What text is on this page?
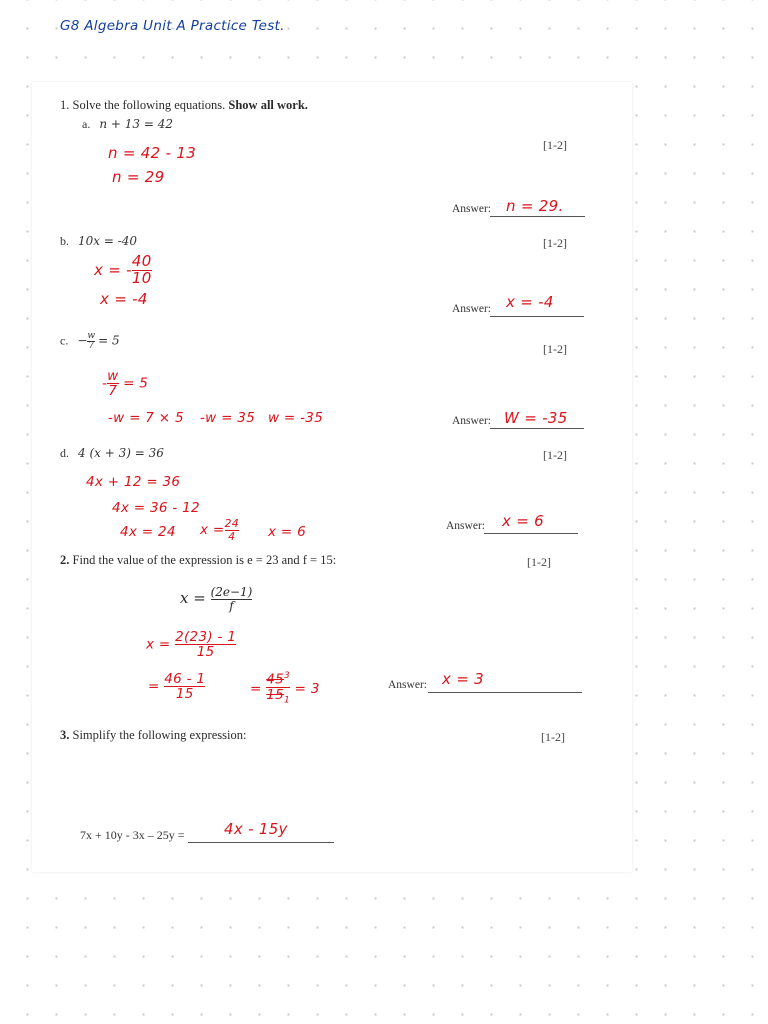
G8 Algebra Unit A Practice Test.
1. Solve the following equations. Show all work.
a. n + 13 = 42
[1-2]
n = 42 - 13
n = 29
Answer: n = 29.
b. 10x = -40	[1-2]
x = - $\frac{40}{10}$
x = -4
Answer: x = -4
c. − $\frac{w}{7} = 5$
[1-2]
- $\frac{w}{7} = 5$
-w = 7 × 5 -w = 35 w = -35	Answer: W = -35
d. 4 (x + 3) = 36	[1-2]
4x + 12 = 36
4x = 36 - 12
4x = 24 $x = \frac{24}{4}$ x = 6	Answer: x = 6
2. Find the value of the expression is e = 23 and f = 15:	[1-2]
$x = \frac{(2e-1)}{f}$
$x = \frac{2(23) - 1}{15}$
= $\frac{46 - 1}{15}$	= $\frac{45^3}{15_1} = 3$	Answer: x = 3
3. Simplify the following expression:	[1-2]
7x + 10y - 3x – 25y =	4x - 15y
